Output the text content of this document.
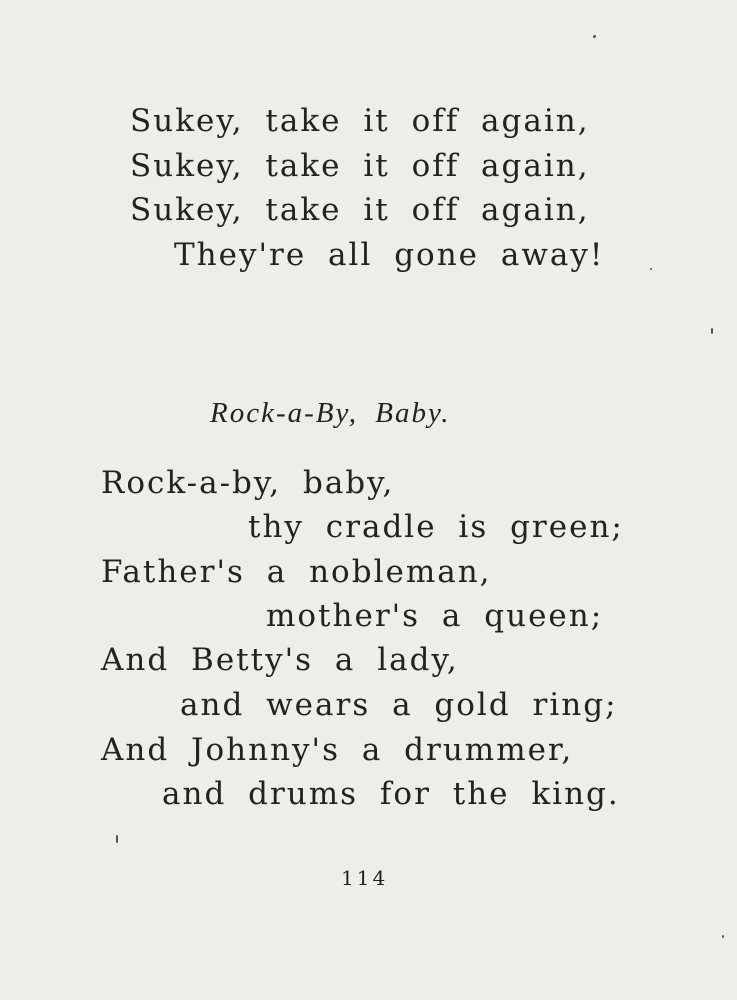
Sukey, take it off again,
Sukey, take it off again,
Sukey, take it off again,
They're all gone away!
Rock-a-By, Baby.
Rock-a-by, baby,
thy cradle is green;
Father's a nobleman,
mother's a queen;
And Betty's a lady,
and wears a gold ring;
And Johnny's a drummer,
and drums for the king.
114
